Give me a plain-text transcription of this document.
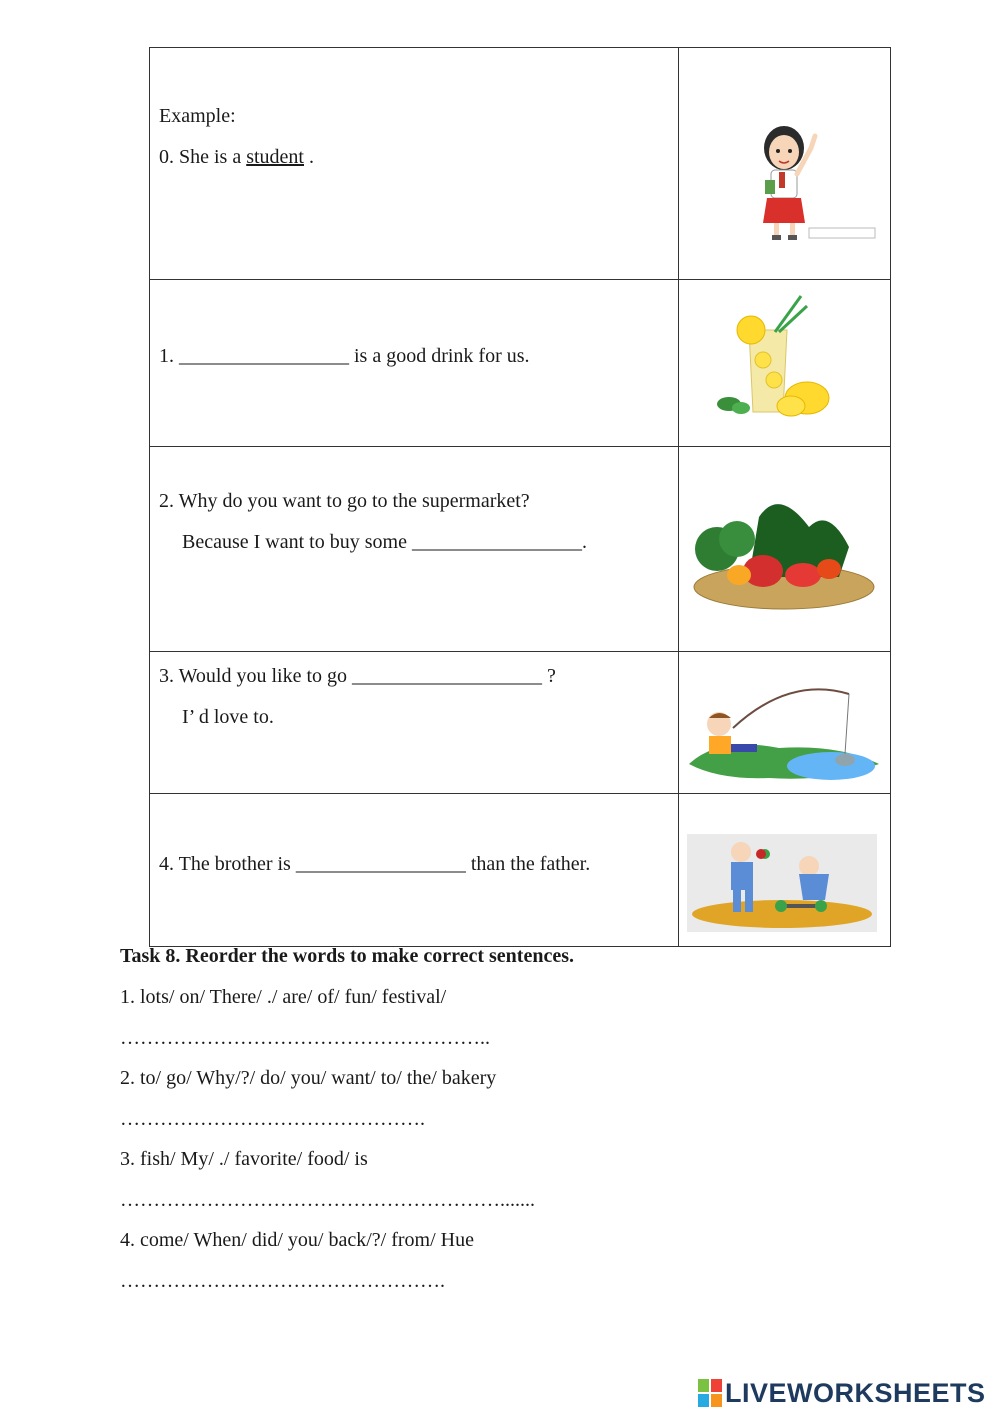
Example:
0. She is a student .

1. _________________ is a good drink for us.

2. Why do you want to go to the supermarket?
Because I want to buy some _________________.

3. Would you like to go ___________________ ?
I’ d love to.

4. The brother is _________________ than the father.

Task 8. Reorder the words to make correct sentences.
1. lots/ on/ There/ ./ are/ of/ fun/ festival/
………………………………………………..
2. to/ go/ Why/?/ do/ you/ want/ to/ the/ bakery
……………………………………….
3. fish/ My/ ./ favorite/ food/ is
………………………………………………….......
4. come/ When/ did/ you/ back/?/ from/ Hue
………………………………………….
LIVEWORKSHEETS
